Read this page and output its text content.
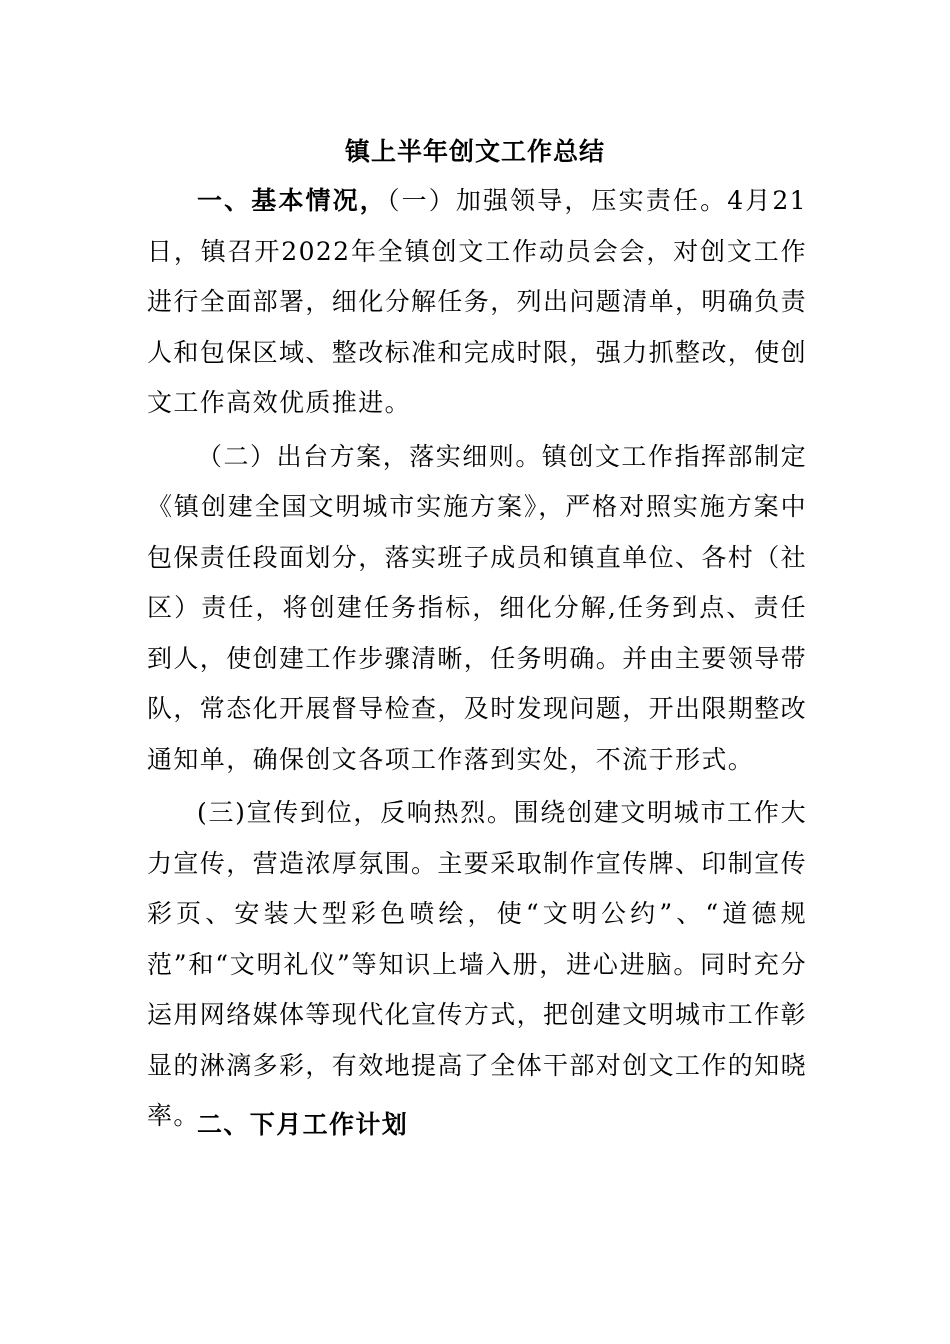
镇上半年创文工作总结

一、基本情况，（一）加强领导，压实责任。4月21日，镇召开2022年全镇创文工作动员会会，对创文工作进行全面部署，细化分解任务，列出问题清单，明确负责人和包保区域、整改标准和完成时限，强力抓整改，使创文工作高效优质推进。

（二）出台方案，落实细则。镇创文工作指挥部制定《镇创建全国文明城市实施方案》，严格对照实施方案中包保责任段面划分，落实班子成员和镇直单位、各村（社区）责任，将创建任务指标，细化分解,任务到点、责任到人，使创建工作步骤清晰，任务明确。并由主要领导带队，常态化开展督导检查，及时发现问题，开出限期整改通知单，确保创文各项工作落到实处，不流于形式。

(三)宣传到位，反响热烈。围绕创建文明城市工作大力宣传，营造浓厚氛围。主要采取制作宣传牌、印制宣传彩页、安装大型彩色喷绘，使“文明公约”、“道德规范”和“文明礼仪”等知识上墙入册，进心进脑。同时充分运用网络媒体等现代化宣传方式，把创建文明城市工作彰显的淋漓多彩，有效地提高了全体干部对创文工作的知晓率。

二、下月工作计划
